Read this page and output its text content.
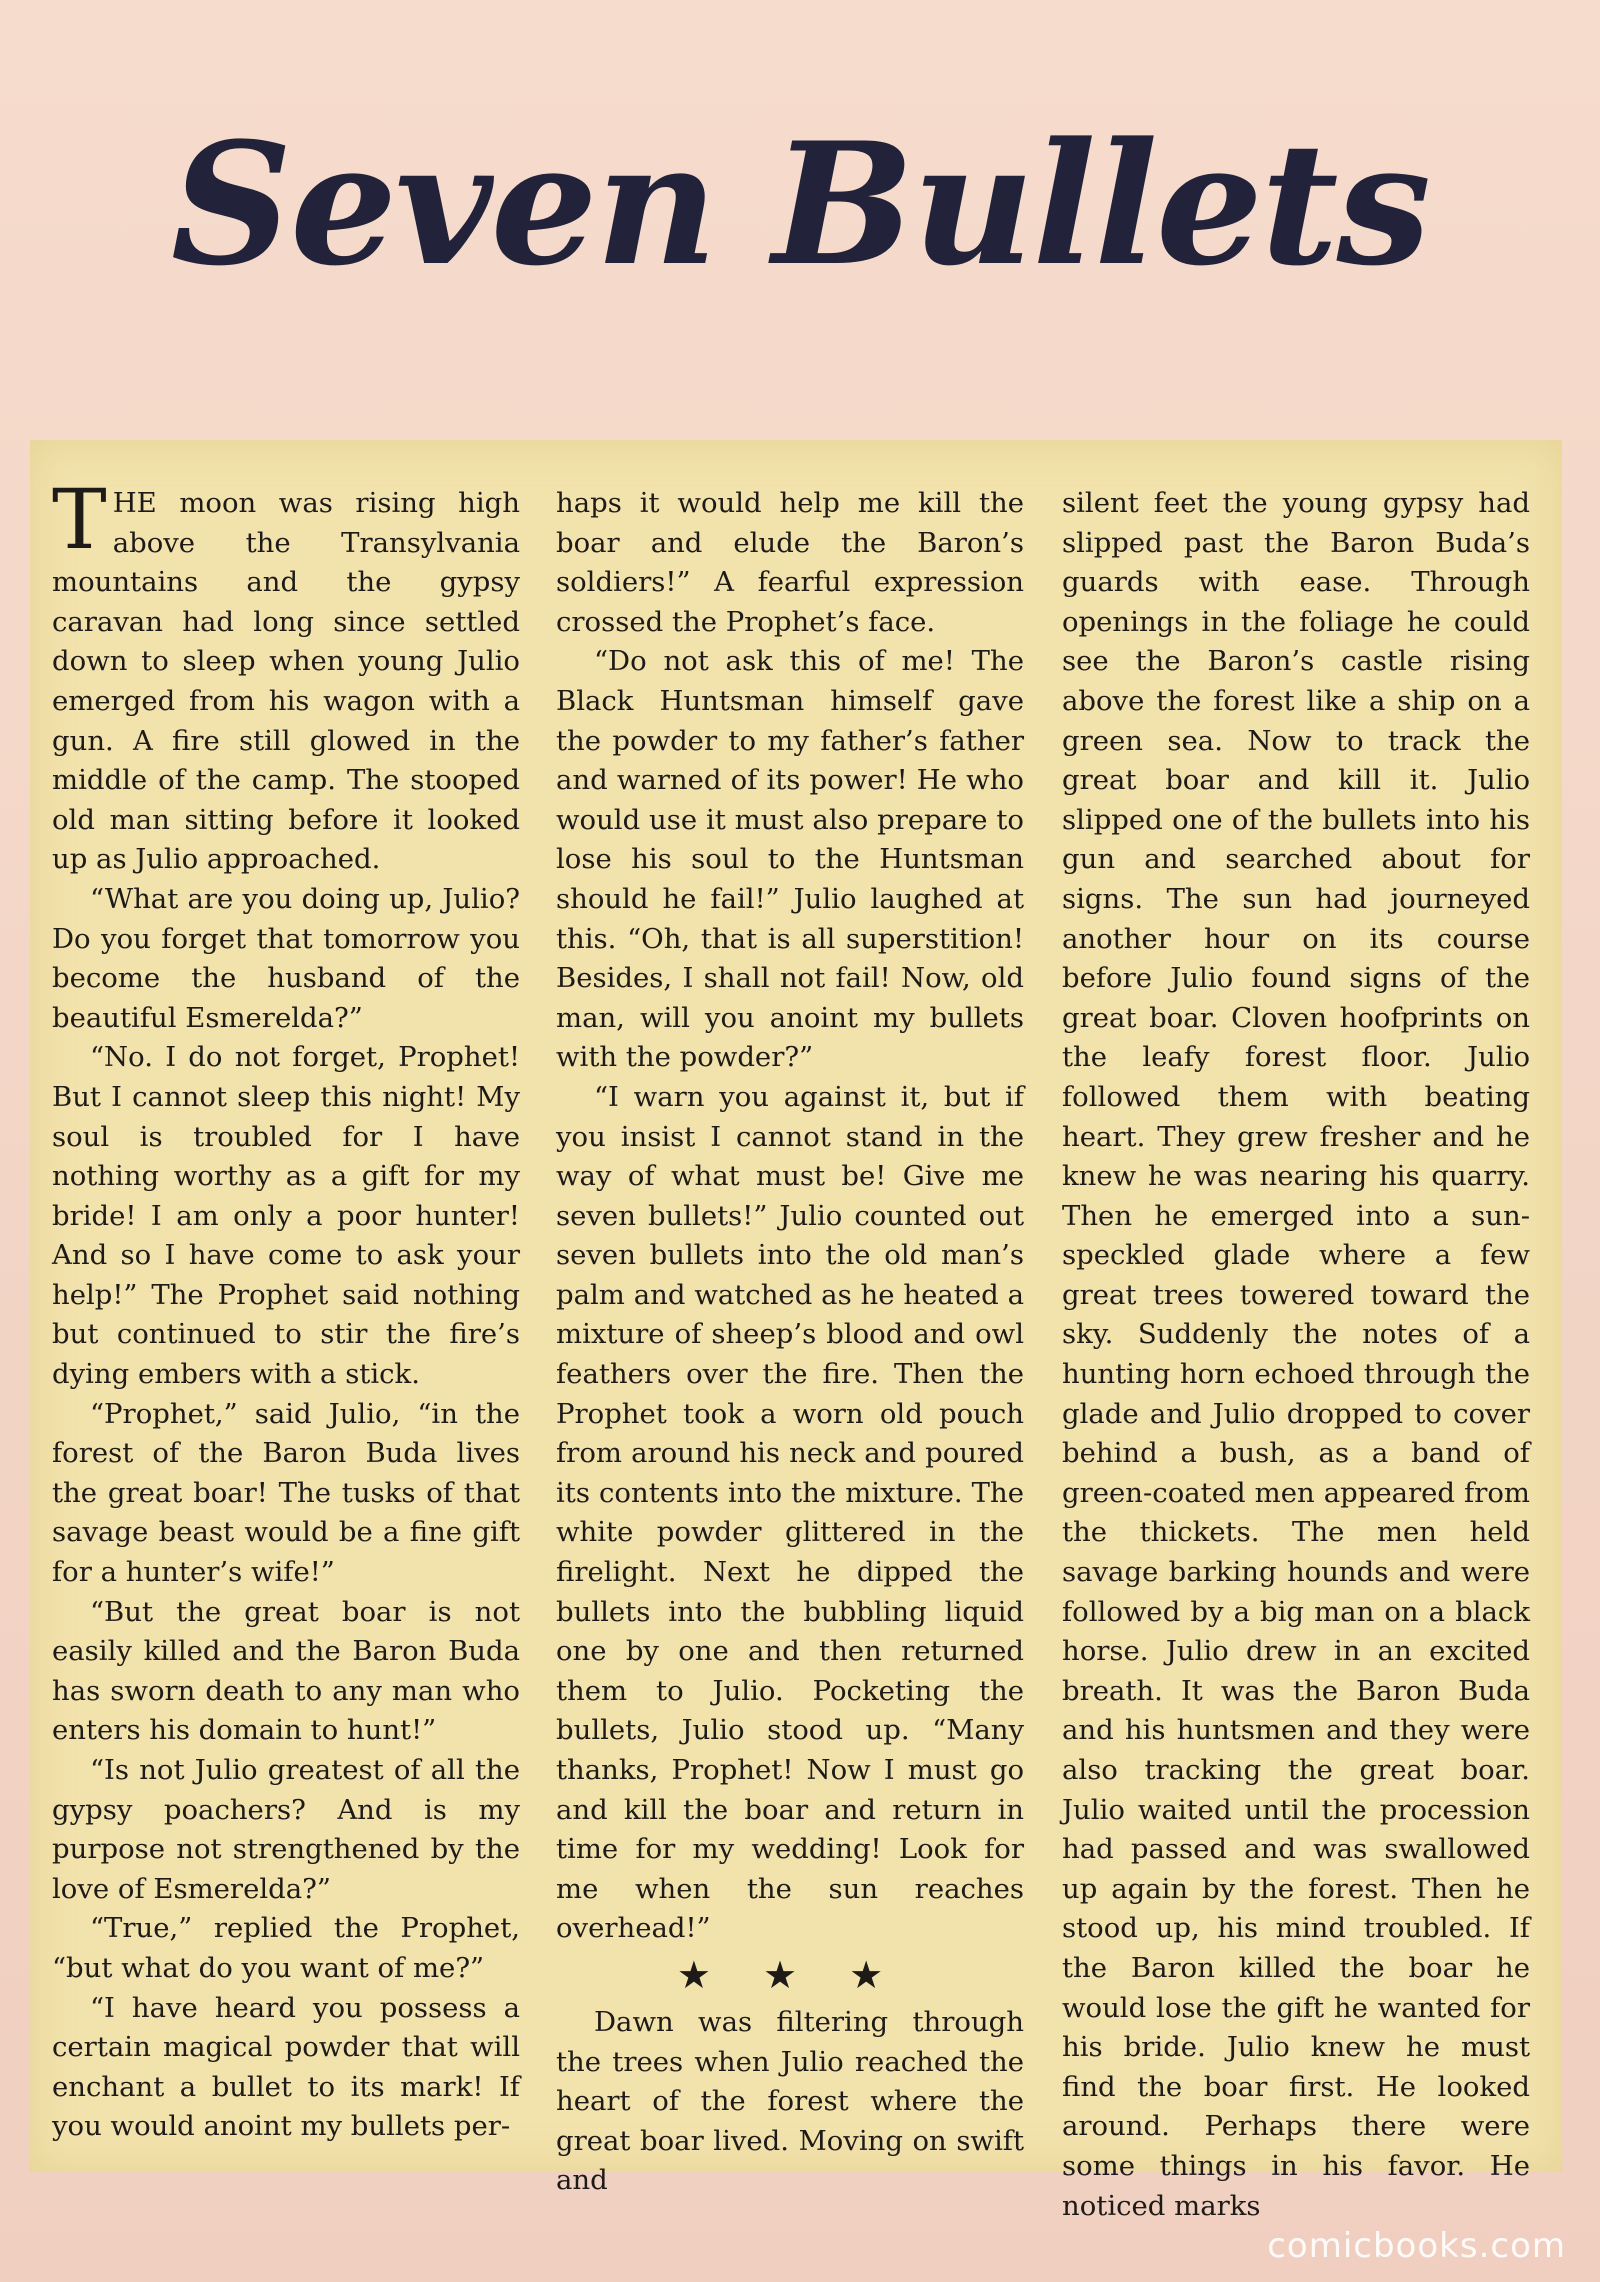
Seven Bullets

THE moon was rising high above the Transylvania mountains and the gypsy caravan had long since settled down to sleep when young Julio emerged from his wagon with a gun. A fire still glowed in the middle of the camp. The stooped old man sitting before it looked up as Julio approached.

“What are you doing up, Julio? Do you forget that tomorrow you become the husband of the beautiful Esmerelda?”

“No. I do not forget, Prophet! But I cannot sleep this night! My soul is troubled for I have nothing worthy as a gift for my bride! I am only a poor hunter! And so I have come to ask your help!” The Prophet said nothing but continued to stir the fire’s dying embers with a stick.

“Prophet,” said Julio, “in the forest of the Baron Buda lives the great boar! The tusks of that savage beast would be a fine gift for a hunter’s wife!”

“But the great boar is not easily killed and the Baron Buda has sworn death to any man who enters his domain to hunt!”

“Is not Julio greatest of all the gypsy poachers? And is my purpose not strengthened by the love of Esmerelda?”

“True,” replied the Prophet, “but what do you want of me?”

“I have heard you possess a certain magical powder that will enchant a bullet to its mark! If you would anoint my bullets per-

haps it would help me kill the boar and elude the Baron’s soldiers!” A fearful expression crossed the Prophet’s face.

“Do not ask this of me! The Black Huntsman himself gave the powder to my father’s father and warned of its power! He who would use it must also prepare to lose his soul to the Huntsman should he fail!” Julio laughed at this. “Oh, that is all superstition! Besides, I shall not fail! Now, old man, will you anoint my bullets with the powder?”

“I warn you against it, but if you insist I cannot stand in the way of what must be! Give me seven bullets!” Julio counted out seven bullets into the old man’s palm and watched as he heated a mixture of sheep’s blood and owl feathers over the fire. Then the Prophet took a worn old pouch from around his neck and poured its contents into the mixture. The white powder glittered in the firelight. Next he dipped the bullets into the bubbling liquid one by one and then returned them to Julio. Pocketing the bullets, Julio stood up. “Many thanks, Prophet! Now I must go and kill the boar and return in time for my wedding! Look for me when the sun reaches overhead!”

★ ★ ★

Dawn was filtering through the trees when Julio reached the heart of the forest where the great boar lived. Moving on swift and

silent feet the young gypsy had slipped past the Baron Buda’s guards with ease. Through openings in the foliage he could see the Baron’s castle rising above the forest like a ship on a green sea. Now to track the great boar and kill it. Julio slipped one of the bullets into his gun and searched about for signs. The sun had journeyed another hour on its course before Julio found signs of the great boar. Cloven hoofprints on the leafy forest floor. Julio followed them with beating heart. They grew fresher and he knew he was nearing his quarry. Then he emerged into a sun-speckled glade where a few great trees towered toward the sky. Suddenly the notes of a hunting horn echoed through the glade and Julio dropped to cover behind a bush, as a band of green-coated men appeared from the thickets. The men held savage barking hounds and were followed by a big man on a black horse. Julio drew in an excited breath. It was the Baron Buda and his huntsmen and they were also tracking the great boar. Julio waited until the procession had passed and was swallowed up again by the forest. Then he stood up, his mind troubled. If the Baron killed the boar he would lose the gift he wanted for his bride. Julio knew he must find the boar first. He looked around. Perhaps there were some things in his favor. He noticed marks

comicbooks.com
